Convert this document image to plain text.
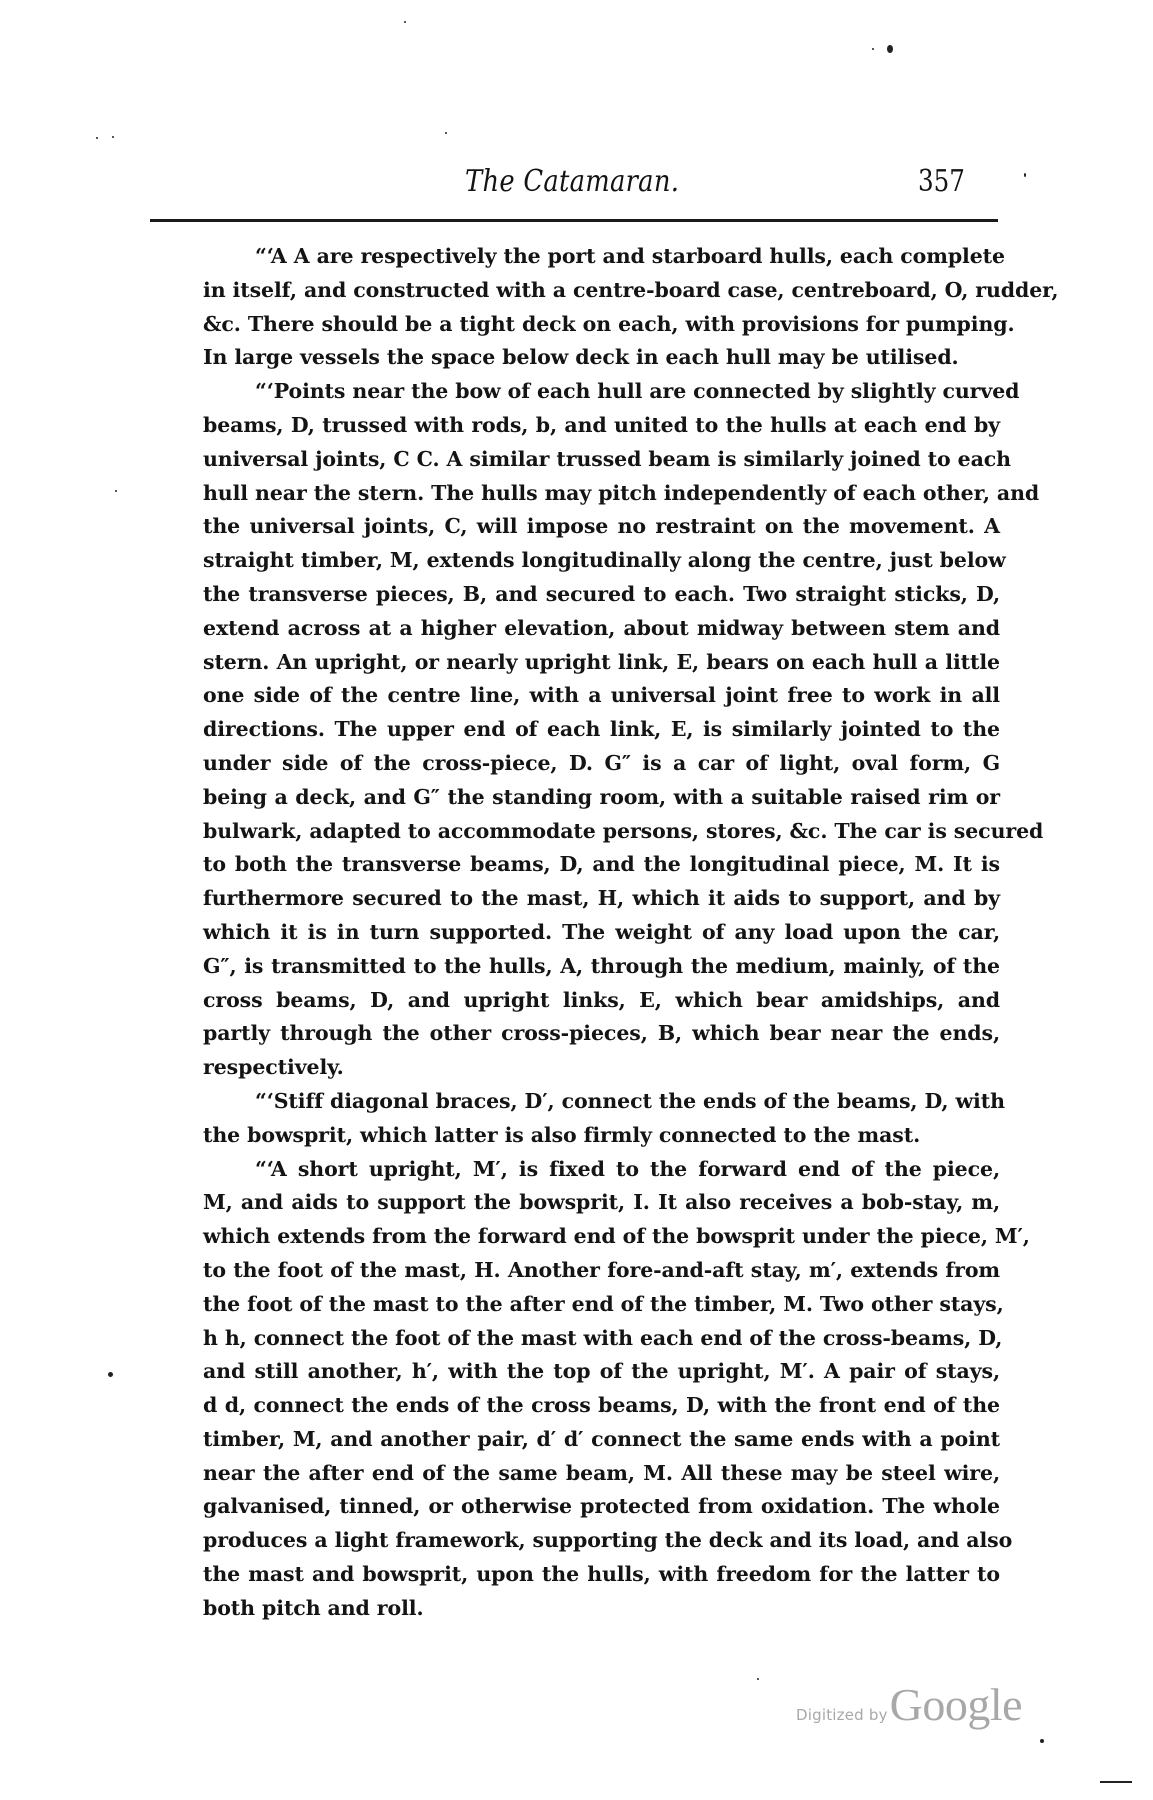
The Catamaran.	357
“‘A A are respectively the port and starboard hulls, each complete
in itself, and constructed with a centre-board case, centreboard, O, rudder,
&c. There should be a tight deck on each, with provisions for pumping.
In large vessels the space below deck in each hull may be utilised.
“‘Points near the bow of each hull are connected by slightly curved
beams, D, trussed with rods, b, and united to the hulls at each end by
universal joints, C C. A similar trussed beam is similarly joined to each
hull near the stern. The hulls may pitch independently of each other, and
the universal joints, C, will impose no restraint on the movement. A
straight timber, M, extends longitudinally along the centre, just below
the transverse pieces, B, and secured to each. Two straight sticks, D,
extend across at a higher elevation, about midway between stem and
stern. An upright, or nearly upright link, E, bears on each hull a little
one side of the centre line, with a universal joint free to work in all
directions. The upper end of each link, E, is similarly jointed to the
under side of the cross-piece, D. G″ is a car of light, oval form, G
being a deck, and G″ the standing room, with a suitable raised rim or
bulwark, adapted to accommodate persons, stores, &c. The car is secured
to both the transverse beams, D, and the longitudinal piece, M. It is
furthermore secured to the mast, H, which it aids to support, and by
which it is in turn supported. The weight of any load upon the car,
G″, is transmitted to the hulls, A, through the medium, mainly, of the
cross beams, D, and upright links, E, which bear amidships, and
partly through the other cross-pieces, B, which bear near the ends,
respectively.
“‘Stiff diagonal braces, D′, connect the ends of the beams, D, with
the bowsprit, which latter is also firmly connected to the mast.
“‘A short upright, M′, is fixed to the forward end of the piece,
M, and aids to support the bowsprit, I. It also receives a bob-stay, m,
which extends from the forward end of the bowsprit under the piece, M′,
to the foot of the mast, H. Another fore-and-aft stay, m′, extends from
the foot of the mast to the after end of the timber, M. Two other stays,
h h, connect the foot of the mast with each end of the cross-beams, D,
and still another, h′, with the top of the upright, M′. A pair of stays,
d d, connect the ends of the cross beams, D, with the front end of the
timber, M, and another pair, d′ d′ connect the same ends with a point
near the after end of the same beam, M. All these may be steel wire,
galvanised, tinned, or otherwise protected from oxidation. The whole
produces a light framework, supporting the deck and its load, and also
the mast and bowsprit, upon the hulls, with freedom for the latter to
both pitch and roll.
Digitized byGoogle
